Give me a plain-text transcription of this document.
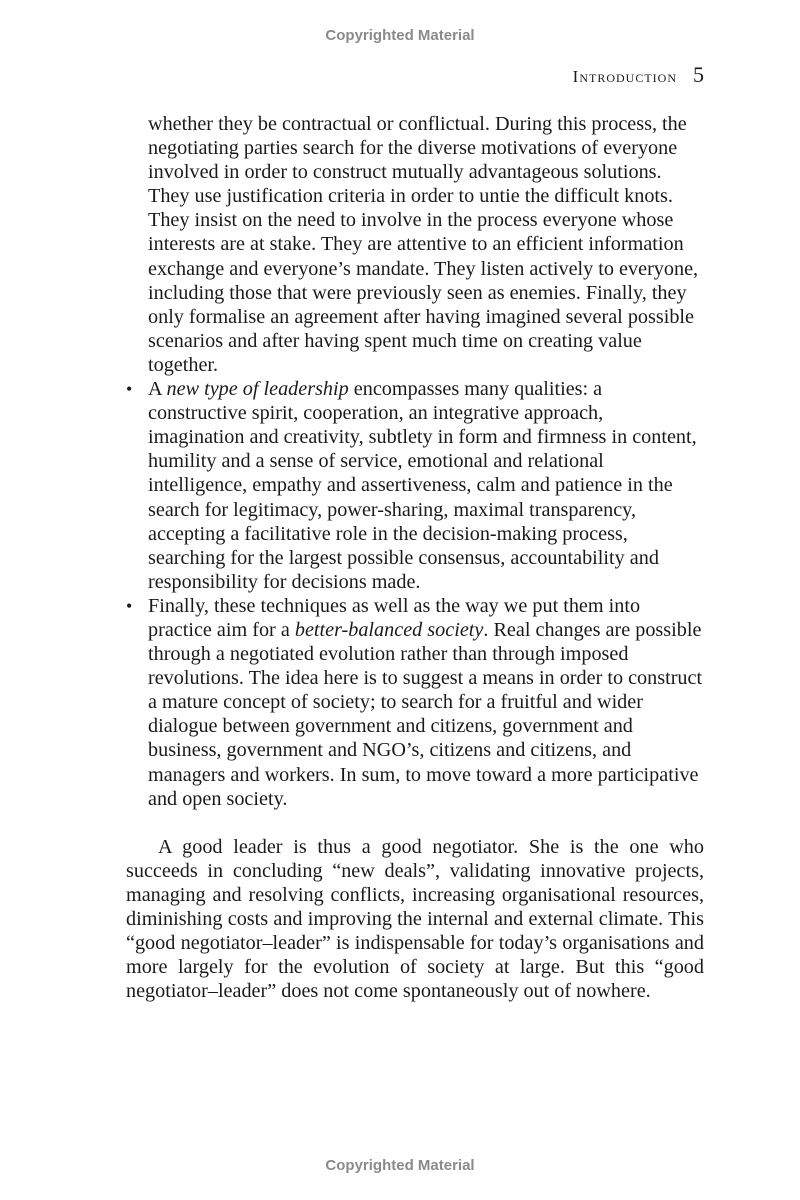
Copyrighted Material
Introduction 5

whether they be contractual or conflictual. During this process, the negotiating parties search for the diverse motivations of everyone involved in order to construct mutually advantageous solutions. They use justification criteria in order to untie the difficult knots. They insist on the need to involve in the process everyone whose interests are at stake. They are attentive to an efficient information exchange and everyone’s mandate. They listen actively to everyone, including those that were previously seen as enemies. Finally, they only formalise an agreement after having imagined several possible scenarios and after having spent much time on creating value together.

• A new type of leadership encompasses many qualities: a constructive spirit, cooperation, an integrative approach, imagination and creativity, subtlety in form and firmness in content, humility and a sense of service, emotional and relational intelligence, empathy and assertiveness, calm and patience in the search for legitimacy, power-sharing, maximal transparency, accepting a facilitative role in the decision-making process, searching for the largest possible consensus, accountability and responsibility for decisions made.
• Finally, these techniques as well as the way we put them into practice aim for a better-balanced society. Real changes are possible through a negotiated evolution rather than through imposed revolutions. The idea here is to suggest a means in order to construct a mature concept of society; to search for a fruitful and wider dialogue between government and citizens, government and business, government and NGO’s, citizens and citizens, and managers and workers. In sum, to move toward a more participative and open society.

A good leader is thus a good negotiator. She is the one who succeeds in concluding “new deals”, validating innovative projects, managing and resolving conflicts, increasing organisational resources, diminishing costs and improving the internal and external climate. This “good negotiator–leader” is indispensable for today’s organisations and more largely for the evolution of society at large. But this “good negotiator–leader” does not come spontaneously out of nowhere.

Copyrighted Material
